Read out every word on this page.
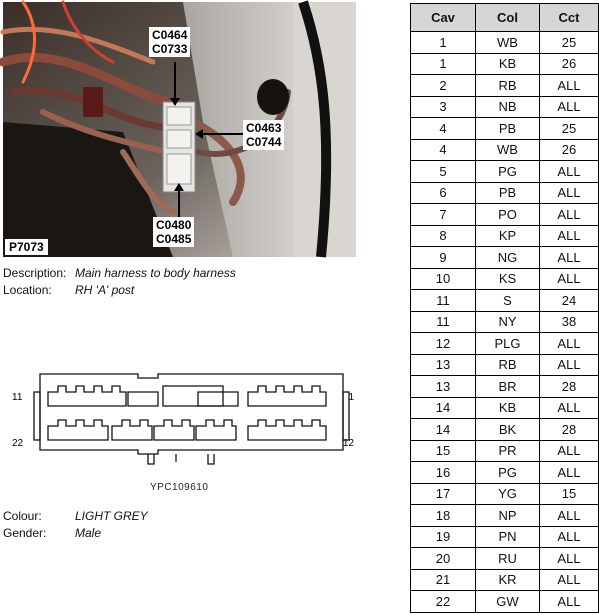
C0464
C0733
C0463
C0744
C0480
C0485
P7073
Description: Main harness to body harness
Location: RH 'A' post
11
22
1
12
YPC109610
Colour:	LIGHT GREY
Gender: Male
Cav	Col	Cct
1	WB	25
1	KB	26
2	RB	ALL
3	NB	ALL
4	PB	25
4	WB	26
5	PG	ALL
6	PB	ALL
7	PO	ALL
8	KP	ALL
9	NG	ALL
10	KS	ALL
11	S	24
11	NY	38
12	PLG	ALL
13	RB	ALL
13	BR	28
14	KB	ALL
14	BK	28
15	PR	ALL
16	PG	ALL
17	YG	15
18	NP	ALL
19	PN	ALL
20	RU	ALL
21	KR	ALL
22	GW	ALL
